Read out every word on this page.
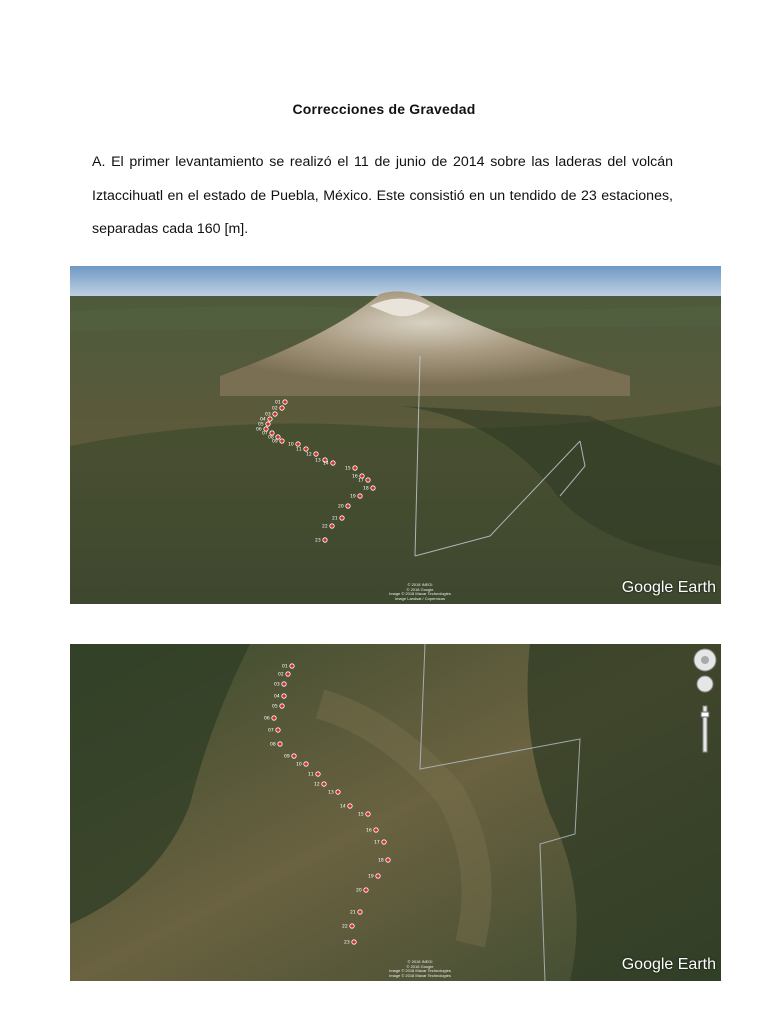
Correcciones de Gravedad
A. El primer levantamiento se realizó el 11 de junio de 2014 sobre las laderas del volcán Iztaccihuatl en el estado de Puebla, México. Este consistió en un tendido de 23 estaciones, separadas cada 160 [m].
01
02
03
04
05
06
07
08
09
10
11
12
13
14
15
16
17
18
19
20
21
22
23
© 2018 INEGI
© 2018 Google
Image © 2018 Maxar Technologies
Image Landsat / Copernicus
Google Earth
01
02
03
04
05
06
07
08
09
10
11
12
13
14
15
16
17
18
19
20
21
22
23
© 2018 INEGI
© 2018 Google
Image © 2018 Maxar Technologies
Image © 2018 Maxar Technologies
Google Earth
